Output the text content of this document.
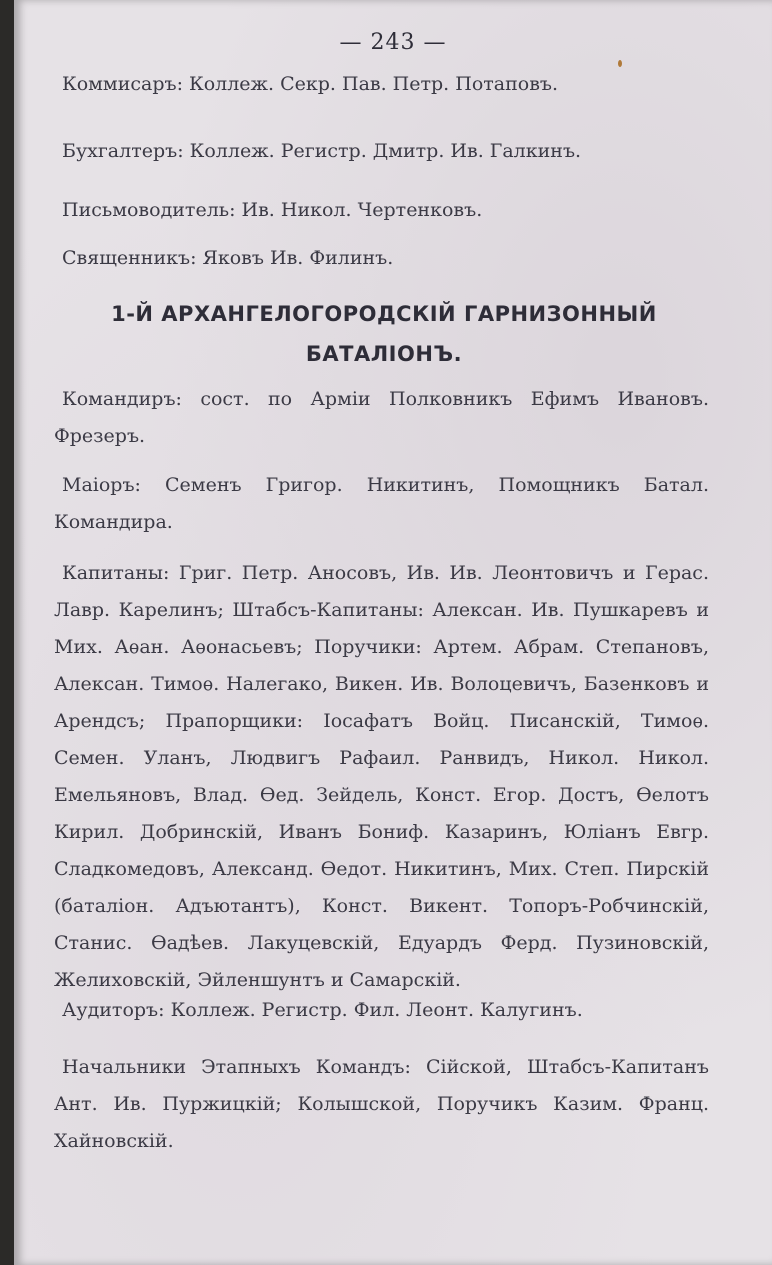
— 243 —

Коммисаръ: Коллеж. Секр. Пав. Петр. Потаповъ.

Бухгалтеръ: Коллеж. Регистр. Дмитр. Ив. Галкинъ.

Письмоводитель: Ив. Никол. Чертенковъ.

Священникъ: Яковъ Ив. Филинъ.

1-Й АРХАНГЕЛОГОРОДСКІЙ ГАРНИЗОННЫЙ
БАТАЛІОНЪ.

Командиръ: сост. по Арміи Полковникъ Ефимъ Ивановъ. Фрезеръ.

Маіоръ: Семенъ Григор. Никитинъ, Помощникъ Батал. Командира.

Капитаны: Григ. Петр. Аносовъ, Ив. Ив. Леонтовичъ и Герас. Лавр. Карелинъ; Штабсъ-Капитаны: Алексан. Ив. Пушкаревъ и Мих. Аѳан. Аѳонасьевъ; Поручики: Артем. Абрам. Степановъ, Алексан. Тимоѳ. Налегако, Викен. Ив. Волоцевичъ, Базенковъ и Арендсъ; Прапорщики: Іосафатъ Войц. Писанскій, Тимоѳ. Семен. Уланъ, Людвигъ Рафаил. Ранвидъ, Никол. Никол. Емельяновъ, Влад. Ѳед. Зейдель, Конст. Егор. Достъ, Ѳелотъ Кирил. Добринскій, Иванъ Бониф. Казаринъ, Юліанъ Евгр. Сладкомедовъ, Александ. Ѳедот. Никитинъ, Мих. Степ. Пирскій (баталіон. Адъютантъ), Конст. Викент. Топоръ-Робчинскій, Станис. Ѳадѣев. Лакуцевскій, Едуардъ Ферд. Пузиновскій, Желиховскій, Эйленшунтъ и Самарскій.

Аудиторъ: Коллеж. Регистр. Фил. Леонт. Калугинъ.

Начальники Этапныхъ Командъ: Сійской, Штабсъ-Капитанъ Ант. Ив. Пуржицкій; Колышской, Поручикъ Казим. Франц. Хайновскій.
